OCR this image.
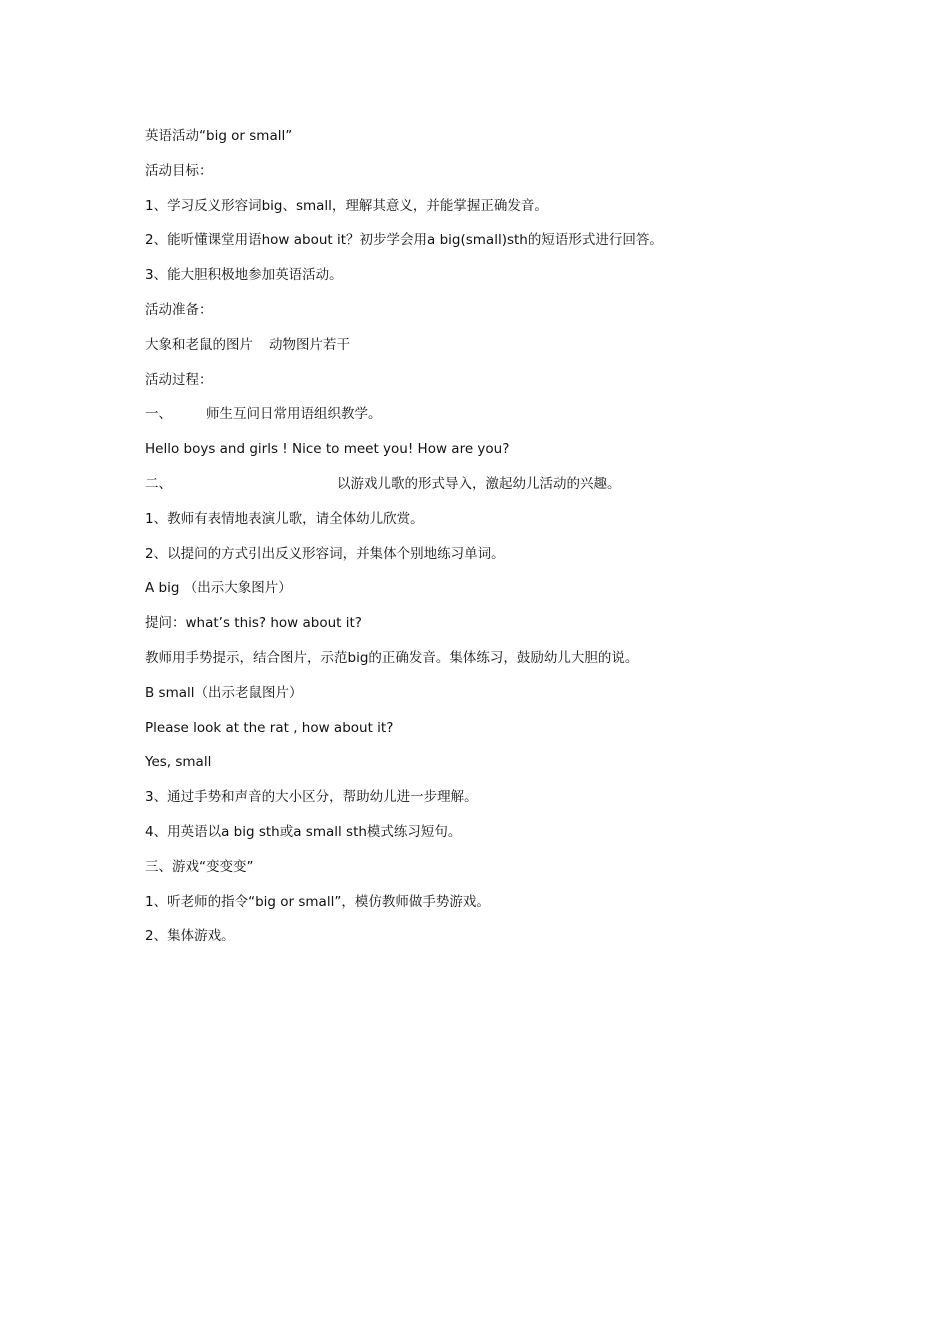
英语活动“big or small”
活动目标：
1、学习反义形容词big、small，理解其意义，并能掌握正确发音。
2、能听懂课堂用语how about it？初步学会用a big(small)sth的短语形式进行回答。
3、能大胆积极地参加英语活动。
活动准备：
大象和老鼠的图片 动物图片若干
活动过程：
一、	师生互问日常用语组织教学。
Hello boys and girls ! Nice to meet you! How are you?
二、	以游戏儿歌的形式导入，激起幼儿活动的兴趣。
1、教师有表情地表演儿歌，请全体幼儿欣赏。
2、以提问的方式引出反义形容词，并集体个别地练习单词。
A big （出示大象图片）
提问：what’s this? how about it?
教师用手势提示，结合图片，示范big的正确发音。集体练习，鼓励幼儿大胆的说。
B small（出示老鼠图片）
Please look at the rat , how about it?
Yes, small
3、通过手势和声音的大小区分，帮助幼儿进一步理解。
4、用英语以a big sth或a small sth模式练习短句。
三、游戏“变变变”
1、听老师的指令“big or small”，模仿教师做手势游戏。
2、集体游戏。
